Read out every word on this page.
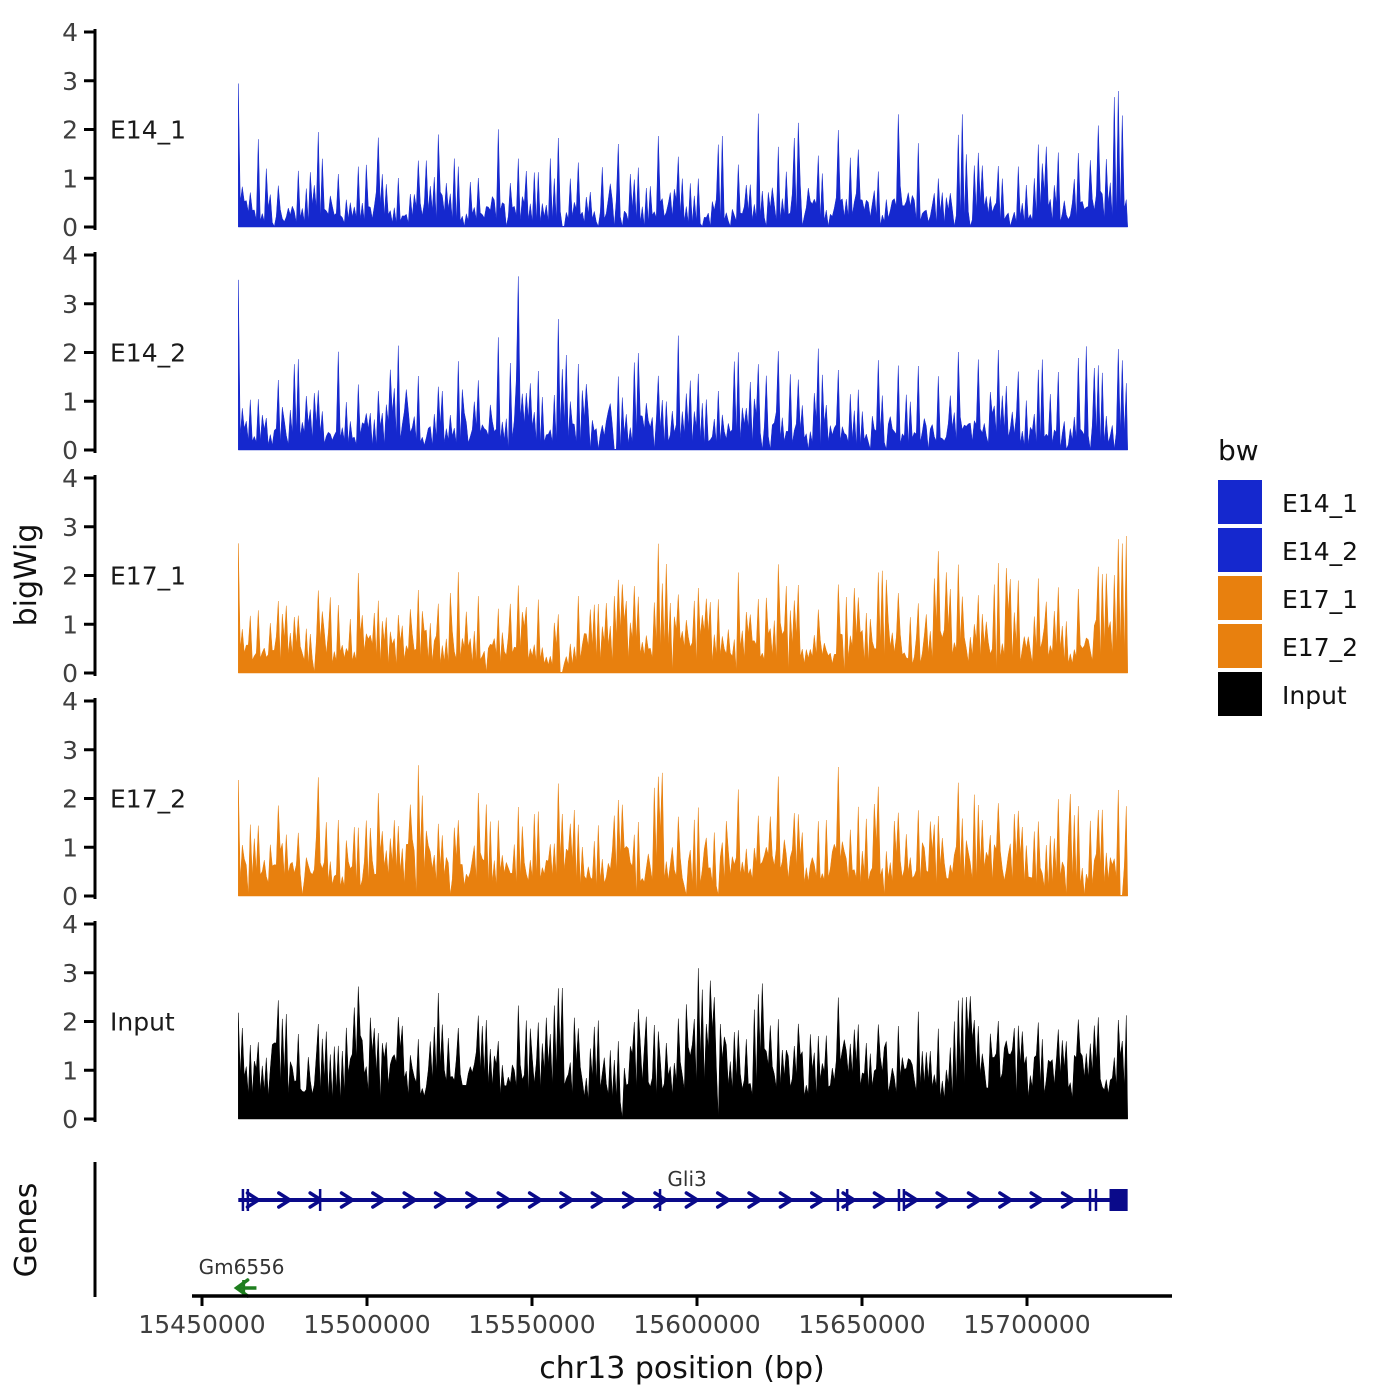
0
1
2
3
4
E14_1
0
1
2
3
4
E14_2
0
1
2
3
4
E17_1
0
1
2
3
4
E17_2
0
1
2
3
4
Input
Gli3
Gm6556
15450000 15500000 15550000 15600000 15650000 15700000
E14_1
E14_2
E17_1
E17_2
Input
bigWig
Genes
chr13 position (bp)
bw
